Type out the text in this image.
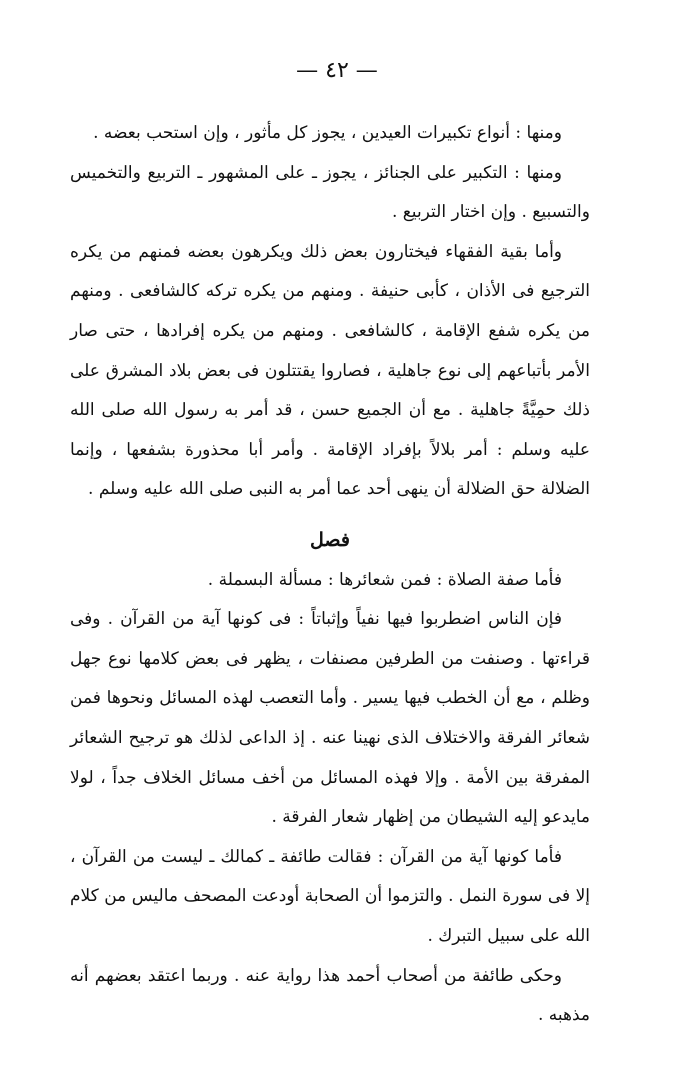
— ٤٢ —

ومنها : أنواع تكبيرات العيدين ، يجوز كل مأثور ، وإن استحب بعضه .

ومنها : التكبير على الجنائز ، يجوز ـ على المشهور ـ التربيع والتخميس والتسبيع . وإن اختار التربيع .

وأما بقية الفقهاء فيختارون بعض ذلك ويكرهون بعضه فمنهم من يكره الترجيع فى الأذان ، كأبى حنيفة . ومنهم من يكره تركه كالشافعى . ومنهم من يكره شفع الإقامة ، كالشافعى . ومنهم من يكره إفرادها ، حتى صار الأمر بأتباعهم إلى نوع جاهلية ، فصاروا يقتتلون فى بعض بلاد المشرق على ذلك حمِيَّةً جاهلية . مع أن الجميع حسن ، قد أمر به رسول الله صلى الله عليه وسلم : أمر بلالاً بإفراد الإقامة . وأمر أبا محذورة بشفعها ، وإنما الضلالة حق الضلالة أن ينهى أحد عما أمر به النبى صلى الله عليه وسلم .

فصل

فأما صفة الصلاة : فمن شعائرها : مسألة البسملة .

فإن الناس اضطربوا فيها نفياً وإثباتاً : فى كونها آية من القرآن . وفى قراءتها . وصنفت من الطرفين مصنفات ، يظهر فى بعض كلامها نوع جهل وظلم ، مع أن الخطب فيها يسير . وأما التعصب لهذه المسائل ونحوها فمن شعائر الفرقة والاختلاف الذى نهينا عنه . إذ الداعى لذلك هو ترجيح الشعائر المفرقة بين الأمة . وإلا فهذه المسائل من أخف مسائل الخلاف جداً ، لولا مايدعو إليه الشيطان من إظهار شعار الفرقة .

فأما كونها آية من القرآن : فقالت طائفة ـ كمالك ـ ليست من القرآن ، إلا فى سورة النمل . والتزموا أن الصحابة أودعت المصحف ماليس من كلام الله على سبيل التبرك .

وحكى طائفة من أصحاب أحمد هذا رواية عنه . وربما اعتقد بعضهم أنه مذهبه .
